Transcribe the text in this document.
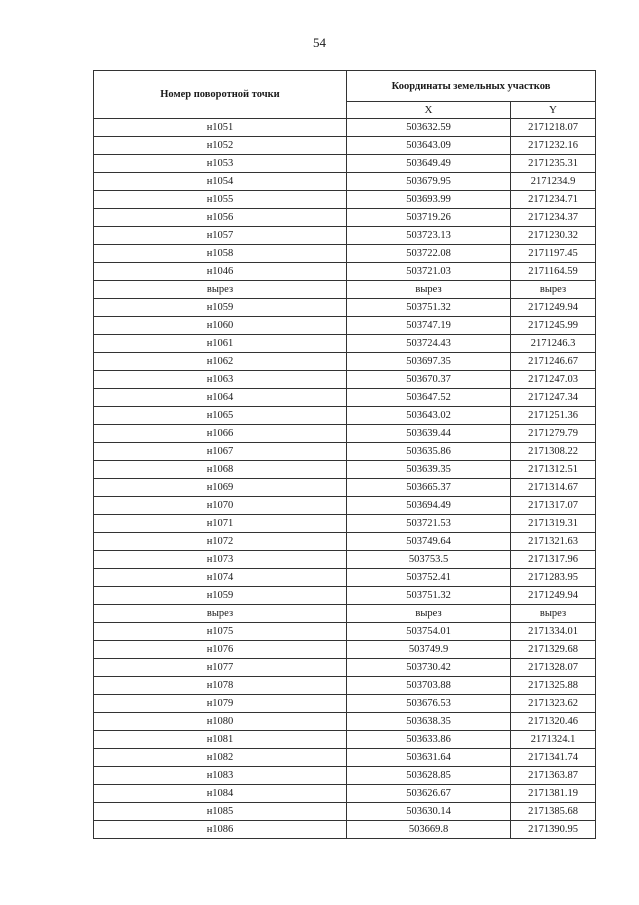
54
Номер поворотной точки	Координаты земельных участков	
	X	Y
н1051	503632.59	2171218.07
н1052	503643.09	2171232.16
н1053	503649.49	2171235.31
н1054	503679.95	2171234.9
н1055	503693.99	2171234.71
н1056	503719.26	2171234.37
н1057	503723.13	2171230.32
н1058	503722.08	2171197.45
н1046	503721.03	2171164.59
вырез	вырез	вырез
н1059	503751.32	2171249.94
н1060	503747.19	2171245.99
н1061	503724.43	2171246.3
н1062	503697.35	2171246.67
н1063	503670.37	2171247.03
н1064	503647.52	2171247.34
н1065	503643.02	2171251.36
н1066	503639.44	2171279.79
н1067	503635.86	2171308.22
н1068	503639.35	2171312.51
н1069	503665.37	2171314.67
н1070	503694.49	2171317.07
н1071	503721.53	2171319.31
н1072	503749.64	2171321.63
н1073	503753.5	2171317.96
н1074	503752.41	2171283.95
н1059	503751.32	2171249.94
вырез	вырез	вырез
н1075	503754.01	2171334.01
н1076	503749.9	2171329.68
н1077	503730.42	2171328.07
н1078	503703.88	2171325.88
н1079	503676.53	2171323.62
н1080	503638.35	2171320.46
н1081	503633.86	2171324.1
н1082	503631.64	2171341.74
н1083	503628.85	2171363.87
н1084	503626.67	2171381.19
н1085	503630.14	2171385.68
н1086	503669.8	2171390.95
